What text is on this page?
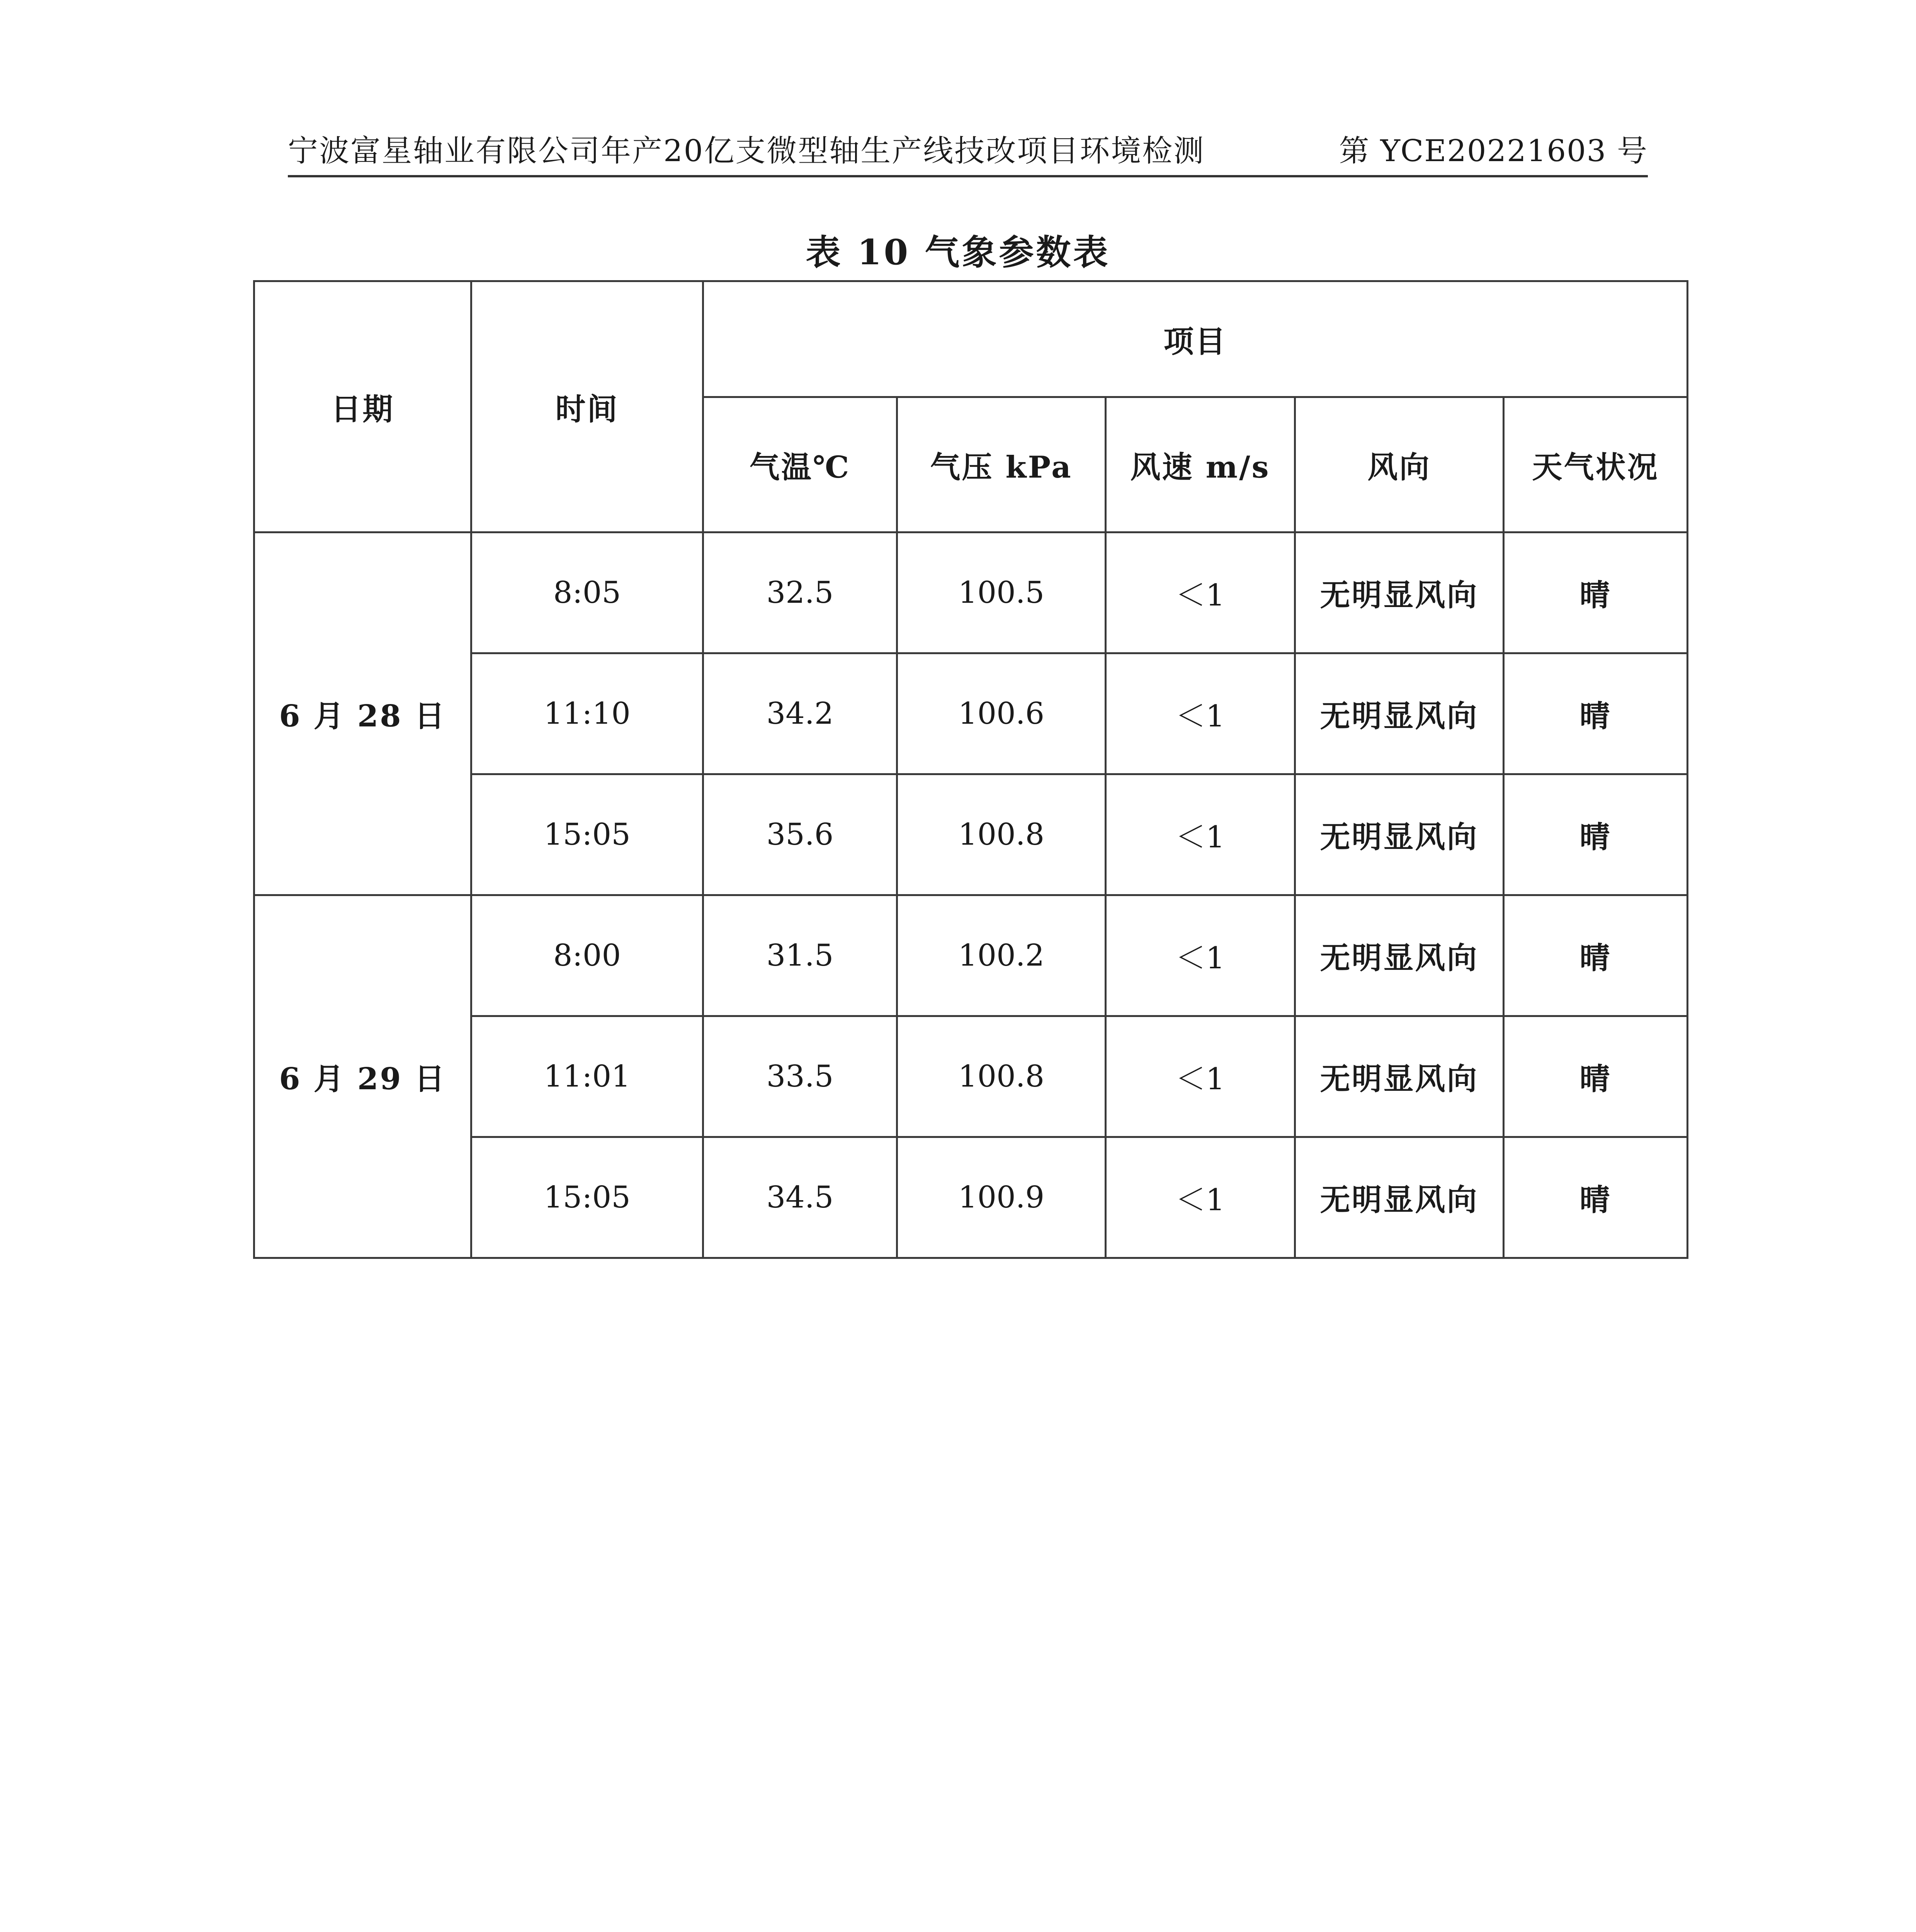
宁波富星轴业有限公司年产20亿支微型轴生产线技改项目环境检测	第 YCE20221603 号
表 10 气象参数表
日期	时间	项目				
		气温℃	气压 kPa	风速 m/s	风向	天气状况
6 月 28 日	8:05	32.5	100.5	＜1	无明显风向	晴
	11:10	34.2	100.6	＜1	无明显风向	晴
	15:05	35.6	100.8	＜1	无明显风向	晴
6 月 29 日	8:00	31.5	100.2	＜1	无明显风向	晴
	11:01	33.5	100.8	＜1	无明显风向	晴
	15:05	34.5	100.9	＜1	无明显风向	晴
